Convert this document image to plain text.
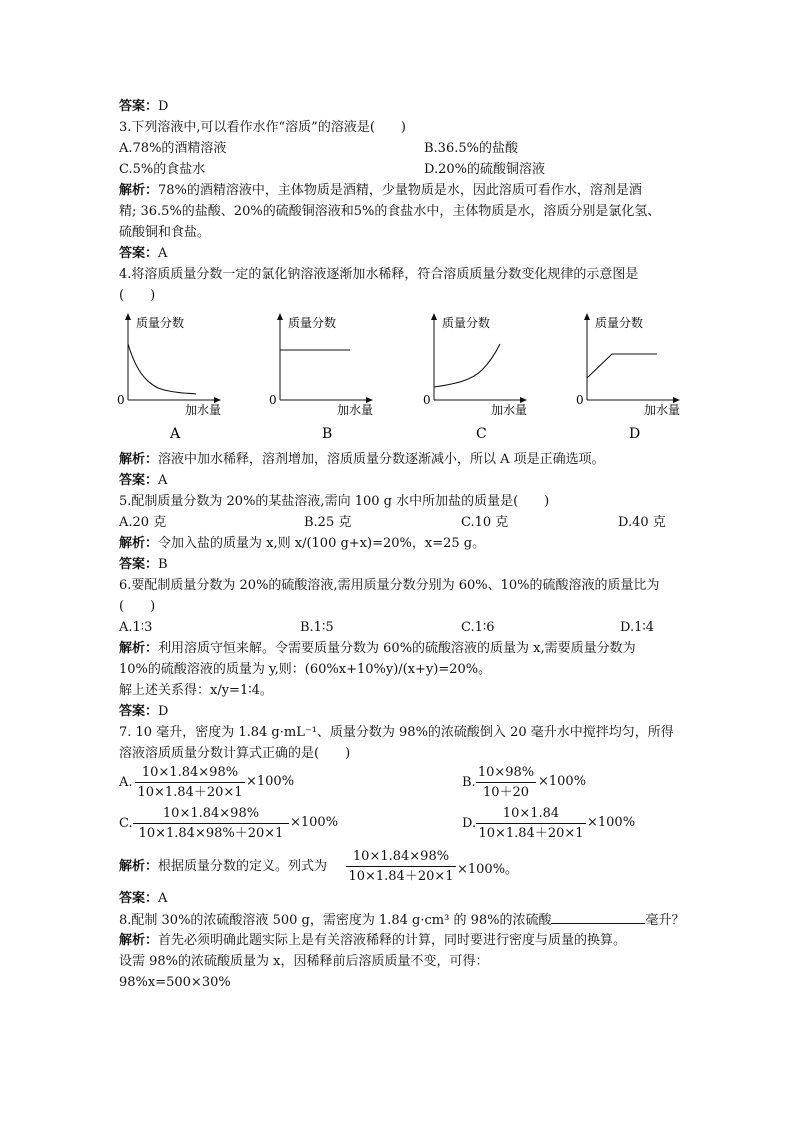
答案：D
3.下列溶液中,可以看作水作“溶质”的溶液是(　　)
A.78%的酒精溶液	B.36.5%的盐酸
C.5%的食盐水	D.20%的硫酸铜溶液
解析：78%的酒精溶液中，主体物质是酒精，少量物质是水，因此溶质可看作水，溶剂是酒
精; 36.5%的盐酸、20%的硫酸铜溶液和5%的食盐水中，主体物质是水，溶质分别是氯化氢、
硫酸铜和食盐。
答案：A
4.将溶质质量分数一定的氯化钠溶液逐渐加水稀释，符合溶质质量分数变化规律的示意图是
(　　)
质量分数
0
加水量
A
质量分数
0
加水量
B
质量分数
0
加水量
C
质量分数
0
加水量
D
解析：溶液中加水稀释，溶剂增加，溶质质量分数逐渐减小，所以 A 项是正确选项。
答案：A
5.配制质量分数为 20%的某盐溶液,需向 100 g 水中所加盐的质量是(　　)
A.20 克	B.25 克	C.10 克	D.40 克
解析：令加入盐的质量为 x,则 x/(100 g+x)=20%，x=25 g。
答案：B
6.要配制质量分数为 20%的硫酸溶液,需用质量分数分别为 60%、10%的硫酸溶液的质量比为
(　　)
A.1∶3	B.1∶5	C.1∶6	D.1∶4
解析：利用溶质守恒来解。令需要质量分数为 60%的硫酸溶液的质量为 x,需要质量分数为
10%的硫酸溶液的质量为 y,则：(60%x+10%y)/(x+y)=20%。
解上述关系得：x/y=1∶4。
答案：D
7. 10 毫升，密度为 1.84 g·mL⁻¹、质量分数为 98%的浓硫酸倒入 20 毫升水中搅拌均匀，所得
溶液溶质质量分数计算式正确的是(　　)
A.
10×1.84×98%
10×1.84＋20×1
×100%	B.
10×98%
10＋20
×100%
C.
10×1.84×98%
10×1.84×98%＋20×1
×100%	D.
10×1.84
10×1.84＋20×1
×100%
解析：根据质量分数的定义。列式为
10×1.84×98%
10×1.84＋20×1 ×100%。
答案：A
8.配制 30%的浓硫酸溶液 500 g，需密度为 1.84 g·cm³ 的 98%的浓硫酸	毫升？
解析：首先必须明确此题实际上是有关溶液稀释的计算，同时要进行密度与质量的换算。
设需 98%的浓硫酸质量为 x，因稀释前后溶质质量不变，可得：
98%x=500×30%
